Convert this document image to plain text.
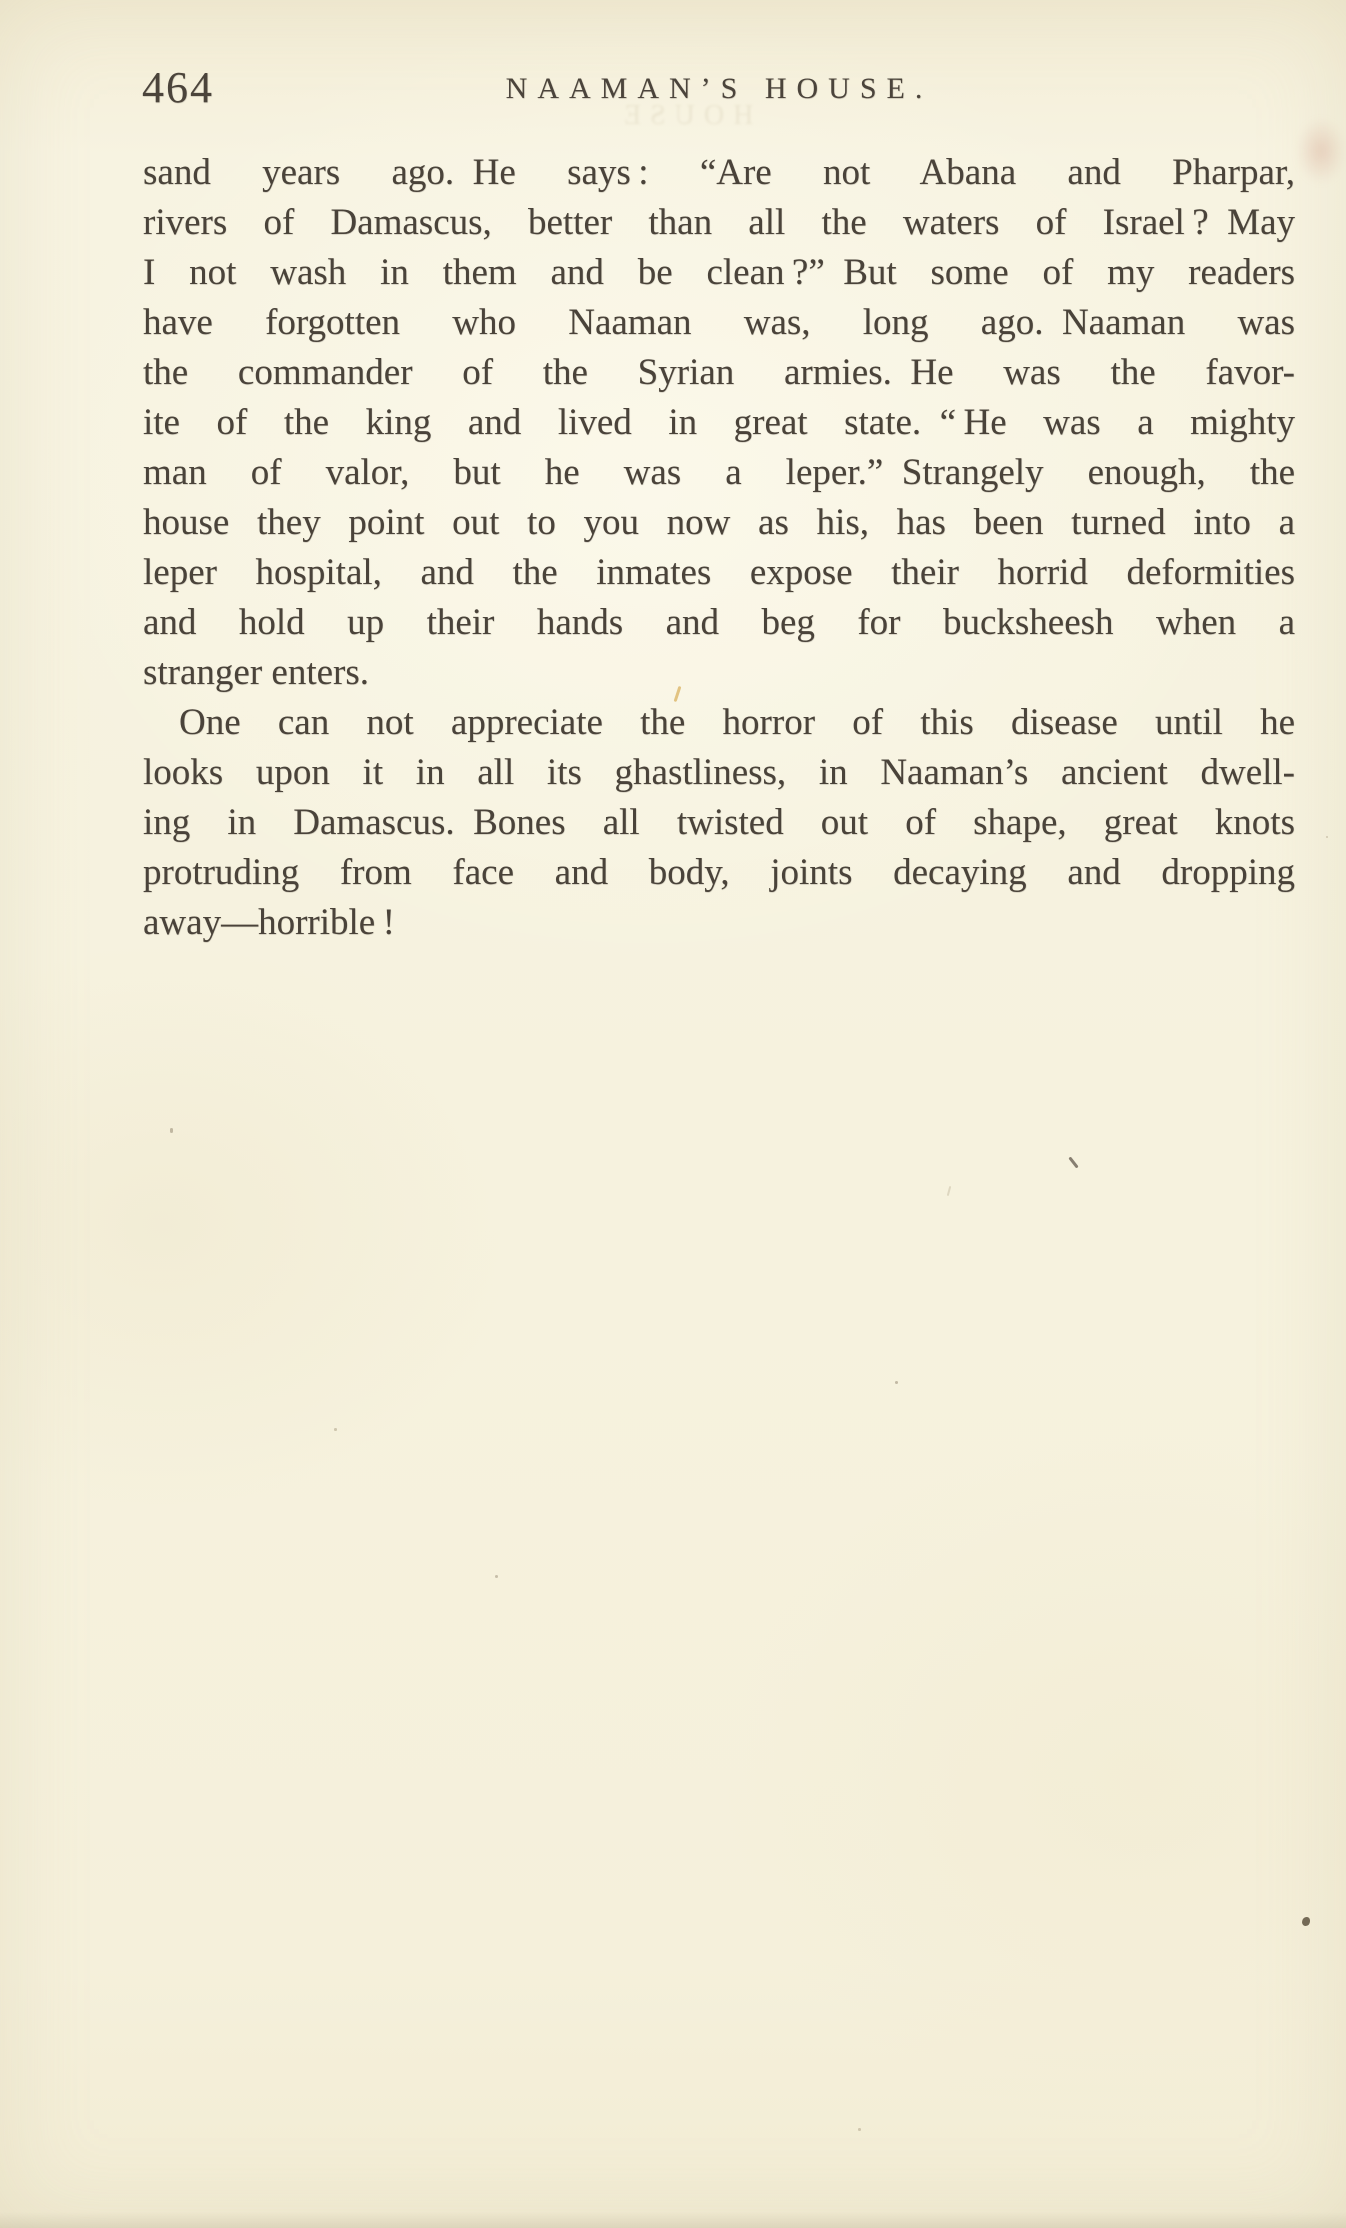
464	NAAMAN’S HOUSE.
HOUSE
sand years ago. He says : “Are not Abana and Pharpar,
rivers of Damascus, better than all the waters of Israel ? May
I not wash in them and be clean ?” But some of my readers
have forgotten who Naaman was, long ago. Naaman was
the commander of the Syrian armies. He was the favor-
ite of the king and lived in great state. “ He was a mighty
man of valor, but he was a leper.” Strangely enough, the
house they point out to you now as his, has been turned into a
leper hospital, and the inmates expose their horrid deformities
and hold up their hands and beg for bucksheesh when a
stranger enters.
One can not appreciate the horror of this disease until he
looks upon it in all its ghastliness, in Naaman’s ancient dwell-
ing in Damascus. Bones all twisted out of shape, great knots
protruding from face and body, joints decaying and dropping
away—horrible !
